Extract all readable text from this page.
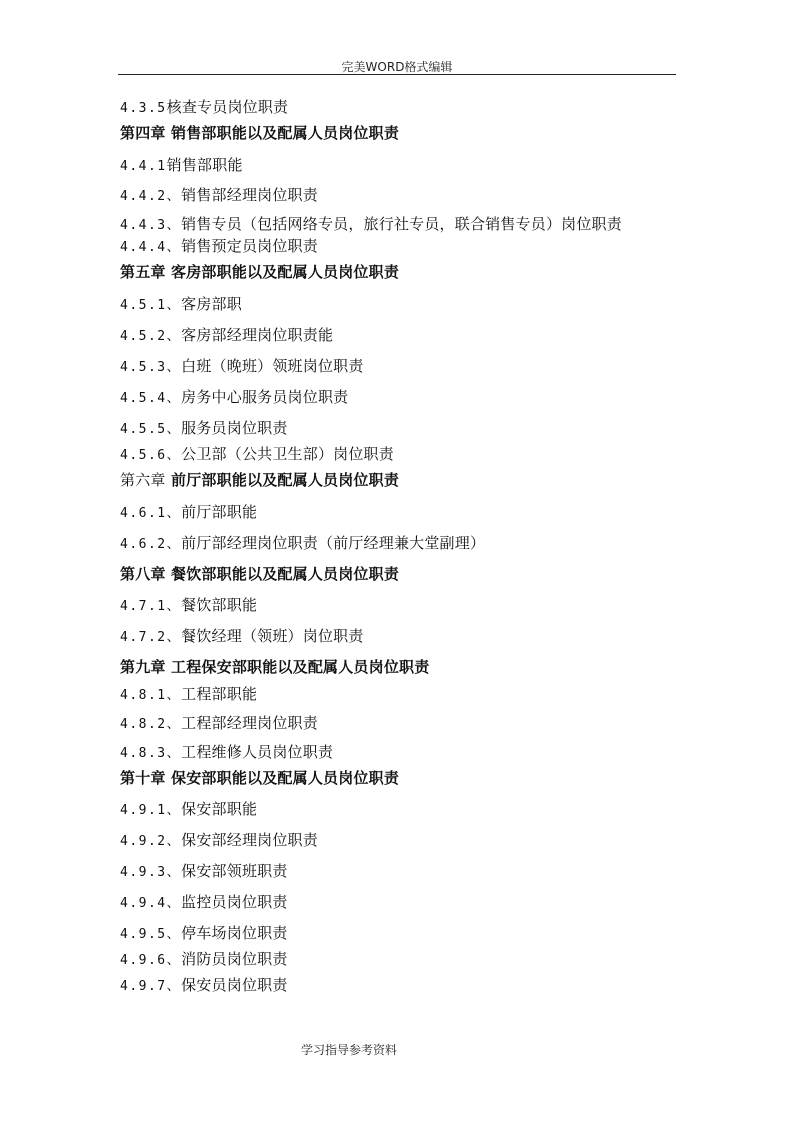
完美WORD格式编辑
4.3.5核查专员岗位职责
第四章 销售部职能以及配属人员岗位职责
4.4.1销售部职能
4.4.2、销售部经理岗位职责
4.4.3、销售专员（包括网络专员，旅行社专员，联合销售专员）岗位职责
4.4.4、销售预定员岗位职责
第五章 客房部职能以及配属人员岗位职责
4.5.1、客房部职
4.5.2、客房部经理岗位职责能
4.5.3、白班（晚班）领班岗位职责
4.5.4、房务中心服务员岗位职责
4.5.5、服务员岗位职责
4.5.6、公卫部（公共卫生部）岗位职责
第六章 前厅部职能以及配属人员岗位职责
4.6.1、前厅部职能
4.6.2、前厅部经理岗位职责（前厅经理兼大堂副理）
第八章 餐饮部职能以及配属人员岗位职责
4.7.1、餐饮部职能
4.7.2、餐饮经理（领班）岗位职责
第九章 工程保安部职能以及配属人员岗位职责
4.8.1、工程部职能
4.8.2、工程部经理岗位职责
4.8.3、工程维修人员岗位职责
第十章 保安部职能以及配属人员岗位职责
4.9.1、保安部职能
4.9.2、保安部经理岗位职责
4.9.3、保安部领班职责
4.9.4、监控员岗位职责
4.9.5、停车场岗位职责
4.9.6、消防员岗位职责
4.9.7、保安员岗位职责
学习指导参考资料
